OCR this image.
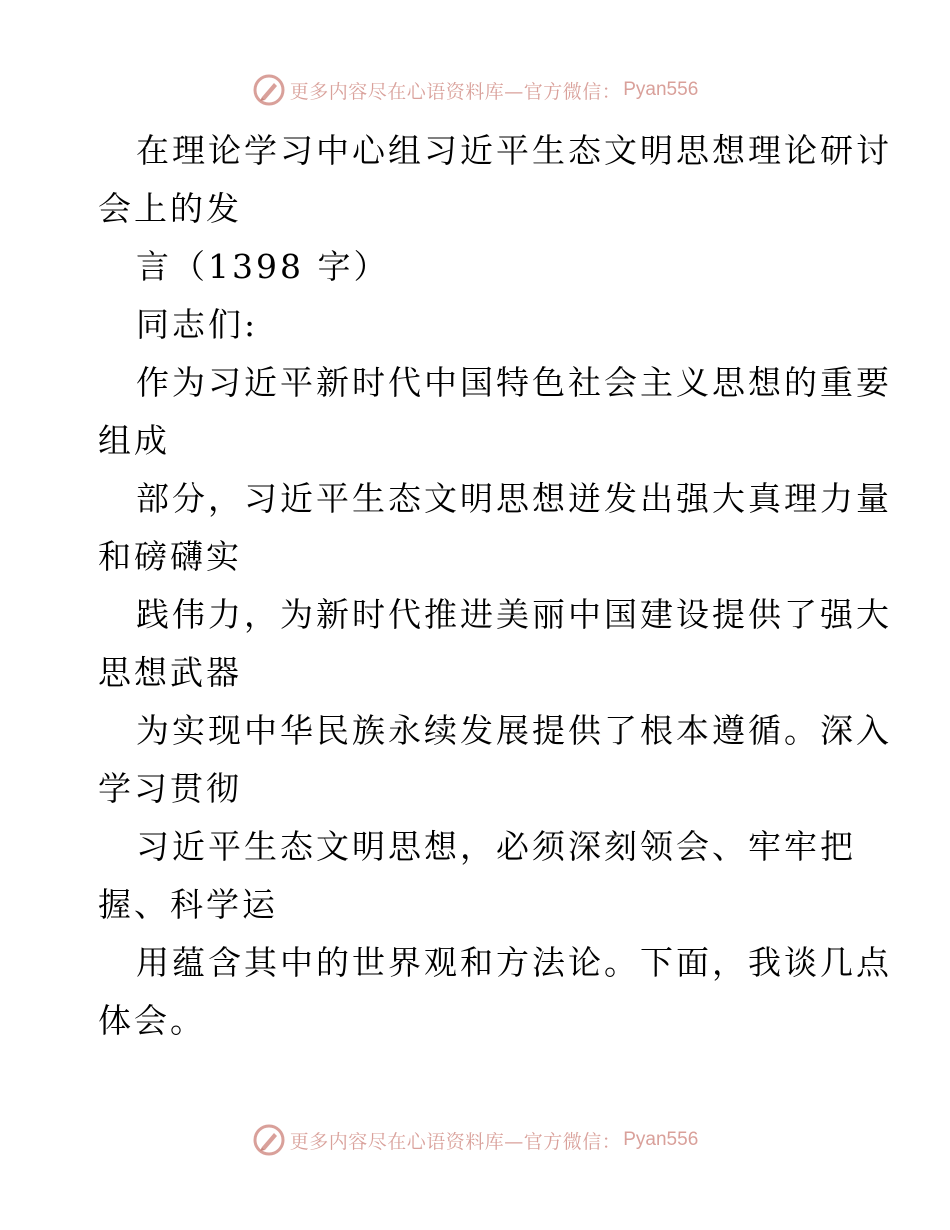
更多内容尽在心语资料库—官方微信： Pyan556
在理论学习中心组习近平生态文明思想理论研讨
会上的发
言（1398 字）
同志们:
作为习近平新时代中国特色社会主义思想的重要
组成
部分，习近平生态文明思想迸发出强大真理力量
和磅礴实
践伟力，为新时代推进美丽中国建设提供了强大
思想武器
为实现中华民族永续发展提供了根本遵循。深入
学习贯彻
习近平生态文明思想，必须深刻领会、牢牢把
握、科学运
用蕴含其中的世界观和方法论。下面，我谈几点
体会。
更多内容尽在心语资料库—官方微信： Pyan556
